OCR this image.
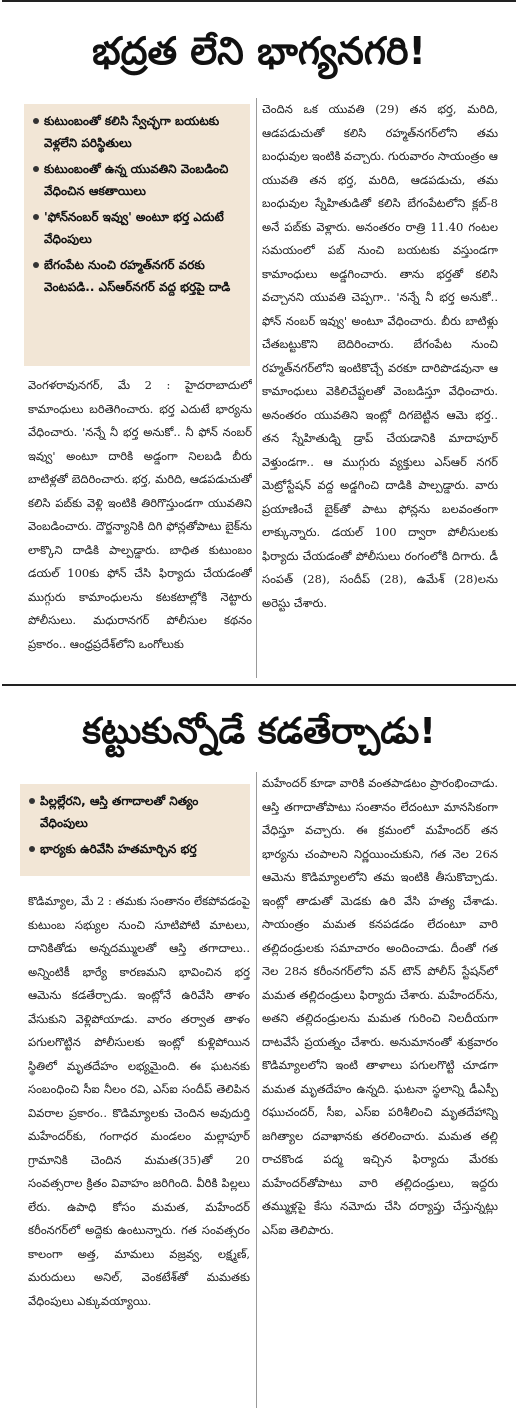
భద్రత లేని భాగ్యనగరి!
కుటుంబంతో కలిసి స్వేచ్ఛగా బయటకు వెళ్లలేని పరిస్థితులు
కుటుంబంతో ఉన్న యువతిని వెంబడించి వేధించిన ఆకతాయిలు
'ఫోన్‌నంబర్ ఇవ్వు' అంటూ భర్త ఎదుటే వేధింపులు
బేగంపేట నుంచి రహ్మత్‌నగర్ వరకు వెంటపడి.. ఎస్ఆర్‌నగర్ వద్ద భర్తపై దాడి
వెంగళరావునగర్, మే 2 : హైదరాబాదులో కామాంధులు బరితెగించారు. భర్త ఎదుటే భార్యను వేధించారు. 'నన్నే నీ భర్త అనుకో.. నీ ఫోన్ నంబర్ ఇవ్వు' అంటూ దారికి అడ్డంగా నిలబడి బీరు బాటిళ్లతో బెదిరించారు. భర్త, మరిది, ఆడపడుచుతో కలిసి పబ్‌కు వెళ్లి ఇంటికి తిరిగొస్తుండగా యువతిని వెంబడించారు. దౌర్జన్యానికి దిగి ఫోన్లతోపాటు బైక్‌ను లాక్కొని దాడికి పాల్పడ్డారు. బాధిత కుటుంబం డయల్ 100కు ఫోన్ చేసి ఫిర్యాదు చేయడంతో ముగ్గురు కామాంధులను కటకటాల్లోకి నెట్టారు పోలీసులు. మధురానగర్ పోలీసుల కథనం ప్రకారం.. ఆంధ్రప్రదేశ్‌లోని ఒంగోలుకు
చెందిన ఒక యువతి (29) తన భర్త, మరిది, ఆడపడుచుతో కలిసి రహ్మత్‌నగర్‌లోని తమ బంధువుల ఇంటికి వచ్చారు. గురువారం సాయంత్రం ఆ యువతి తన భర్త, మరిది, ఆడపడుచు, తమ బంధువుల స్నేహితుడితో కలిసి బేగంపేటలోని క్లబ్-8 అనే పబ్‌కు వెళ్లారు. అనంతరం రాత్రి 11.40 గంటల సమయంలో పబ్ నుంచి బయటకు వస్తుండగా కామాంధులు అడ్డగించారు. తాను భర్తతో కలిసి వచ్చానని యువతి చెప్పగా.. 'నన్నే నీ భర్త అనుకో.. ఫోన్ నంబర్ ఇవ్వు' అంటూ వేధించారు. బీరు బాటిళ్లు చేతబట్టుకొని బెదిరించారు. బేగంపేట నుంచి రహ్మత్‌నగర్‌లోని ఇంటికొచ్చే వరకూ దారిపొడవునా ఆ కామాంధులు వెకిలిచేష్టలతో వెంబడిస్తూ వేధించారు. అనంతరం యువతిని ఇంట్లో దిగబెట్టిన ఆమె భర్త.. తన స్నేహితుడ్ని డ్రాప్ చేయడానికి మాదాపూర్ వెళ్తుండగా.. ఆ ముగ్గురు వ్యక్తులు ఎస్ఆర్ నగర్ మెట్రోస్టేషన్ వద్ద అడ్డగించి దాడికి పాల్పడ్డారు. వారు ప్రయాణించే బైక్‌తో పాటు ఫోన్లను బలవంతంగా లాక్కున్నారు. డయల్ 100 ద్వారా పోలీసులకు ఫిర్యాదు చేయడంతో పోలీసులు రంగంలోకి దిగారు. డీ సంపత్ (28), సందీప్ (28), ఉమేశ్ (28)లను అరెస్టు చేశారు.
కట్టుకున్నోడే కడతేర్చాడు!
పిల్లల్లేరని, ఆస్తి తగాదాలతో నిత్యం వేధింపులు
భార్యకు ఉరివేసి హతమార్చిన భర్త
కొడిమ్యాల, మే 2 : తమకు సంతానం లేకపోవడంపై కుటుంబ సభ్యుల నుంచి సూటిపోటి మాటలు, దానికితోడు అన్నదమ్ములతో ఆస్తి తగాదాలు.. అన్నింటికీ భార్యే కారణమని భావించిన భర్త ఆమెను కడతేర్చాడు. ఇంట్లోనే ఉరివేసి తాళం వేసుకుని వెళ్లిపోయాడు. వారం తర్వాత తాళం పగులగొట్టిన పోలీసులకు ఇంట్లో కుళ్లిపోయిన స్థితిలో మృతదేహం లభ్యమైంది. ఈ ఘటనకు సంబంధించి సీఐ నీలం రవి, ఎస్ఐ సందీప్ తెలిపిన వివరాల ప్రకారం.. కొడిమ్యాలకు చెందిన అవుదుర్తి మహేందర్‌కు, గంగాధర మండలం మల్లాపూర్ గ్రామానికి చెందిన మమత(35)తో 20 సంవత్సరాల క్రితం వివాహం జరిగింది. వీరికి పిల్లలు లేరు. ఉపాధి కోసం మమత, మహేందర్ కరీంనగర్‌లో అద్దెకు ఉంటున్నారు. గత సంవత్సరం కాలంగా అత్త, మామలు వజ్రవ్వ, లక్ష్మణ్, మరుదులు అనిల్, వెంకటేశ్‌తో మమతకు వేధింపులు ఎక్కువయ్యాయి.
మహేందర్ కూడా వారికి వంతపాడటం ప్రారంభించాడు. ఆస్తి తగాదాతోపాటు సంతానం లేదంటూ మానసికంగా వేధిస్తూ వచ్చారు. ఈ క్రమంలో మహేందర్ తన భార్యను చంపాలని నిర్ణయించుకుని, గత నెల 26న ఆమెను కొడిమ్యాలలోని తమ ఇంటికి తీసుకొచ్చాడు. ఇంట్లో తాడుతో మెడకు ఉరి వేసి హత్య చేశాడు. సాయంత్రం మమత కనపడడం లేదంటూ వారి తల్లిదండ్రులకు సమాచారం అందించాడు. దీంతో గత నెల 28న కరీంనగర్‌లోని వన్ టౌన్ పోలీస్ స్టేషన్‌లో మమత తల్లిదండ్రులు ఫిర్యాదు చేశారు. మహేందర్‌ను, అతని తల్లిదండ్రులను మమత గురించి నిలదీయగా దాటవేసే ప్రయత్నం చేశారు. అనుమానంతో శుక్రవారం కొడిమ్యాలలోని ఇంటి తాళాలు పగులగొట్టి చూడగా మమత మృతదేహం ఉన్నది. ఘటనా స్థలాన్ని డీఎస్పీ రఘుచందర్, సీఐ, ఎస్ఐ పరిశీలించి మృతదేహాన్ని జగిత్యాల దవాఖానకు తరలించారు. మమత తల్లి రాచకొండ పద్మ ఇచ్చిన ఫిర్యాదు మేరకు మహేందర్‌తోపాటు వారి తల్లిదండ్రులు, ఇద్దరు తమ్ముళ్లపై కేసు నమోదు చేసి దర్యాప్తు చేస్తున్నట్లు ఎస్ఐ తెలిపారు.
